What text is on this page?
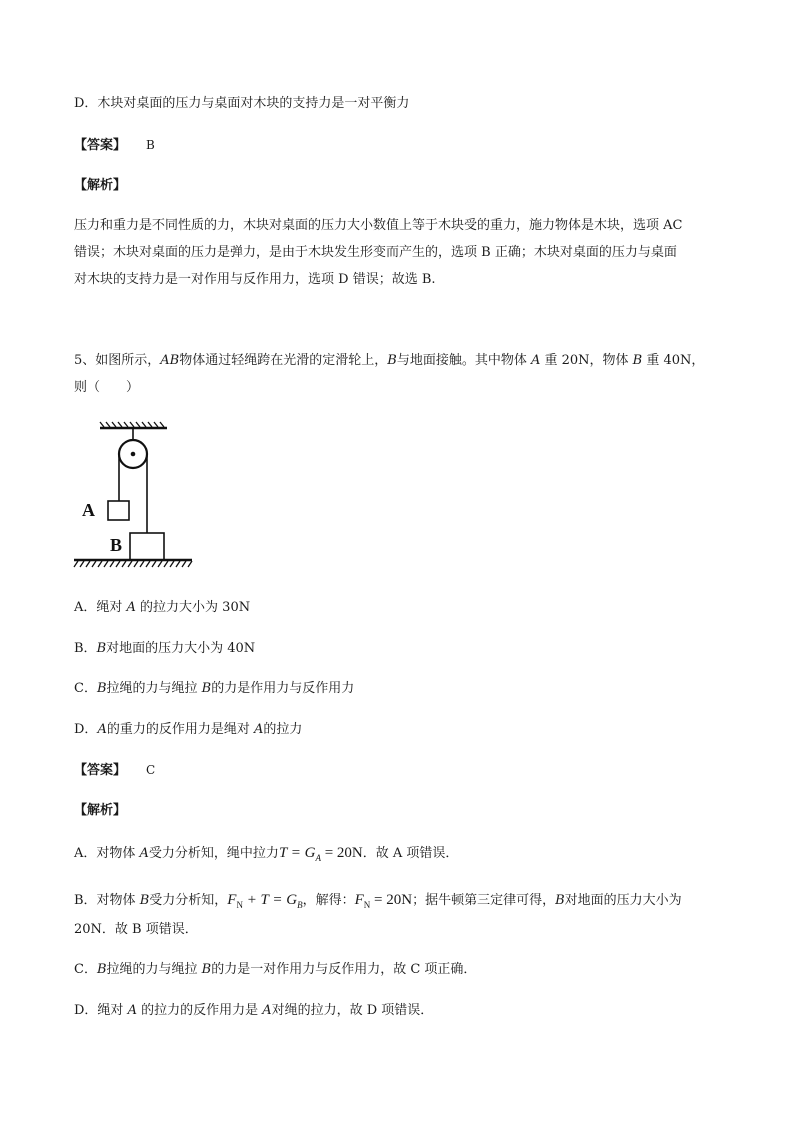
D．木块对桌面的压力与桌面对木块的支持力是一对平衡力
【答案】 B
【解析】
压力和重力是不同性质的力，木块对桌面的压力大小数值上等于木块受的重力，施力物体是木块，选项 AC
错误；木块对桌面的压力是弹力，是由于木块发生形变而产生的，选项 B 正确；木块对桌面的压力与桌面
对木块的支持力是一对作用与反作用力，选项 D 错误；故选 B.
5、如图所示，AB物体通过轻绳跨在光滑的定滑轮上，B与地面接触。其中物体 A 重 20N，物体 B 重 40N，
则（　　）
A
B
A．绳对 A 的拉力大小为 30N
B．B对地面的压力大小为 40N
C．B拉绳的力与绳拉 B的力是作用力与反作用力
D．A的重力的反作用力是绳对 A的拉力
【答案】 C
【解析】
A．对物体 A受力分析知，绳中拉力$T = G_A = 20N$．故 A 项错误．
B．对物体 B受力分析知，$F_N + T = G_B$，解得：$F_N = 20N$；据牛顿第三定律可得，B对地面的压力大小为
20N．故 B 项错误．
C．B拉绳的力与绳拉 B的力是一对作用力与反作用力，故 C 项正确．
D．绳对 A 的拉力的反作用力是 A对绳的拉力，故 D 项错误．
